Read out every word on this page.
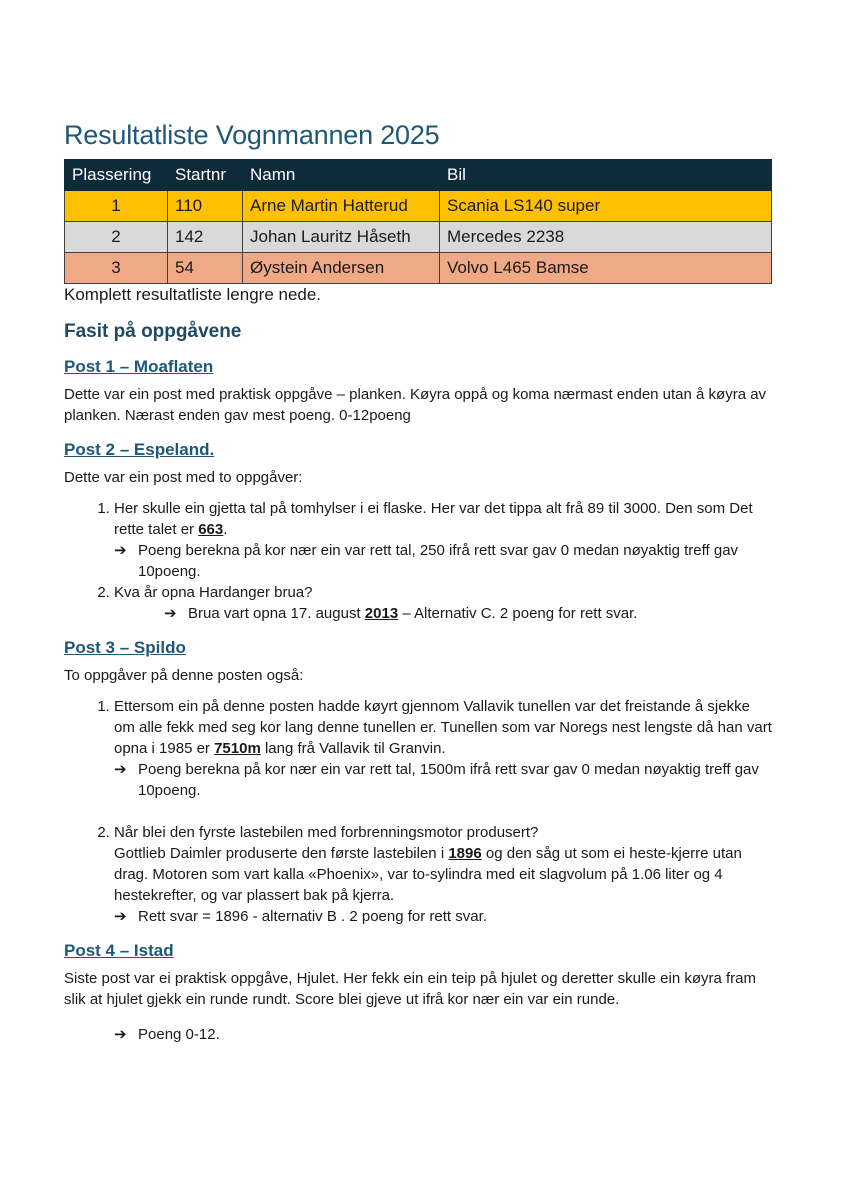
Resultatliste Vognmannen 2025
Plassering	Startnr	Namn	Bil
1	110	Arne Martin Hatterud	Scania LS140 super
2	142	Johan Lauritz Håseth	Mercedes 2238
3	54	Øystein Andersen	Volvo L465 Bamse

Komplett resultatliste lengre nede.

Fasit på oppgåvene
Post 1 – Moaflaten

Dette var ein post med praktisk oppgåve – planken. Køyra oppå og koma nærmast enden utan å køyra av planken. Nærast enden gav mest poeng. 0-12poeng

Post 2 – Espeland.

Dette var ein post med to oppgåver:

1. Her skulle ein gjetta tal på tomhylser i ei flaske. Her var det tippa alt frå 89 til 3000. Den som Det rette talet er 663.
➔ Poeng berekna på kor nær ein var rett tal, 250 ifrå rett svar gav 0 medan nøyaktig treff gav 10poeng.
2. Kva år opna Hardanger brua?
➔ Brua vart opna 17. august 2013 – Alternativ C. 2 poeng for rett svar.
Post 3 – Spildo

To oppgåver på denne posten også:

1. Ettersom ein på denne posten hadde køyrt gjennom Vallavik tunellen var det freistande å sjekke om alle fekk med seg kor lang denne tunellen er. Tunellen som var Noregs nest lengste då han vart opna i 1985 er 7510m lang frå Vallavik til Granvin.
➔ Poeng berekna på kor nær ein var rett tal, 1500m ifrå rett svar gav 0 medan nøyaktig treff gav 10poeng.
2. Når blei den fyrste lastebilen med forbrenningsmotor produsert?
Gottlieb Daimler produserte den første lastebilen i 1896 og den såg ut som ei heste-kjerre utan drag. Motoren som vart kalla «Phoenix», var to-sylindra med eit slagvolum på 1.06 liter og 4 hestekrefter, og var plassert bak på kjerra.
➔ Rett svar = 1896 - alternativ B . 2 poeng for rett svar.
Post 4 – Istad

Siste post var ei praktisk oppgåve, Hjulet. Her fekk ein ein teip på hjulet og deretter skulle ein køyra fram slik at hjulet gjekk ein runde rundt. Score blei gjeve ut ifrå kor nær ein var ein runde.

➔ Poeng 0-12.
